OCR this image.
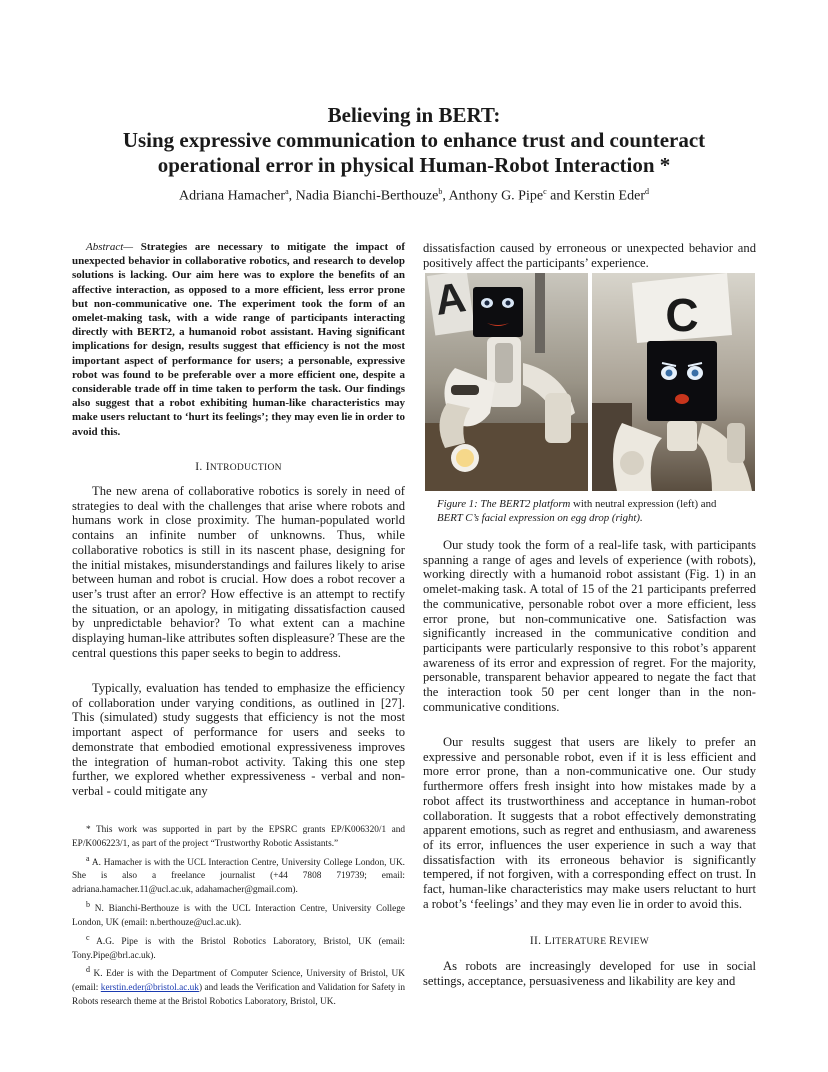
Believing in BERT:
Using expressive communication to enhance trust and counteract
operational error in physical Human-Robot Interaction *
Adriana Hamacher$^a$, Nadia Bianchi-Berthouze$^b$, Anthony G. Pipe$^c$ and Kerstin Eder$^d$

Abstract— Strategies are necessary to mitigate the impact of unexpected behavior in collaborative robotics, and research to develop solutions is lacking. Our aim here was to explore the benefits of an affective interaction, as opposed to a more efficient, less error prone but non-communicative one. The experiment took the form of an omelet-making task, with a wide range of participants interacting directly with BERT2, a humanoid robot assistant. Having significant implications for design, results suggest that efficiency is not the most important aspect of performance for users; a personable, expressive robot was found to be preferable over a more efficient one, despite a considerable trade off in time taken to perform the task. Our findings also suggest that a robot exhibiting human-like characteristics may make users reluctant to ‘hurt its feelings’; they may even lie in order to avoid this.

I. INTRODUCTION

The new arena of collaborative robotics is sorely in need of strategies to deal with the challenges that arise where robots and humans work in close proximity. The human-populated world contains an infinite number of unknowns. Thus, while collaborative robotics is still in its nascent phase, designing for the initial mistakes, misunderstandings and failures likely to arise between human and robot is crucial. How does a robot recover a user’s trust after an error? How effective is an attempt to rectify the situation, or an apology, in mitigating dissatisfaction caused by unpredictable behavior? To what extent can a machine displaying human-like attributes soften displeasure? These are the central questions this paper seeks to begin to address.

Typically, evaluation has tended to emphasize the efficiency of collaboration under varying conditions, as outlined in [27]. This (simulated) study suggests that efficiency is not the most important aspect of performance for users and seeks to demonstrate that embodied emotional expressiveness improves the integration of human-robot activity. Taking this one step further, we explored whether expressiveness - verbal and non-verbal - could mitigate any

* This work was supported in part by the EPSRC grants EP/K006320/1 and EP/K006223/1, as part of the project “Trustworthy Robotic Assistants.”

$^a$ A. Hamacher is with the UCL Interaction Centre, University College London, UK. She is also a freelance journalist (+44 7808 719739; email: adriana.hamacher.11@ucl.ac.uk, adahamacher@gmail.com).

$^b$ N. Bianchi-Berthouze is with the UCL Interaction Centre, University College London, UK (email: n.berthouze@ucl.ac.uk).

$^c$ A.G. Pipe is with the Bristol Robotics Laboratory, Bristol, UK (email: Tony.Pipe@brl.ac.uk).

$^d$ K. Eder is with the Department of Computer Science, University of Bristol, UK (email: kerstin.eder@bristol.ac.uk) and leads the Verification and Validation for Safety in Robots research theme at the Bristol Robotics Laboratory, Bristol, UK.

dissatisfaction caused by erroneous or unexpected behavior and positively affect the participants’ experience.

A	C
Figure 1: The BERT2 platform with neutral expression (left) and
BERT C’s facial expression on egg drop (right).

Our study took the form of a real-life task, with participants spanning a range of ages and levels of experience (with robots), working directly with a humanoid robot assistant (Fig. 1) in an omelet-making task. A total of 15 of the 21 participants preferred the communicative, personable robot over a more efficient, less error prone, but non-communicative one. Satisfaction was significantly increased in the communicative condition and participants were particularly responsive to this robot’s apparent awareness of its error and expression of regret. For the majority, personable, transparent behavior appeared to negate the fact that the interaction took 50 per cent longer than in the non-communicative conditions.

Our results suggest that users are likely to prefer an expressive and personable robot, even if it is less efficient and more error prone, than a non-communicative one. Our study furthermore offers fresh insight into how mistakes made by a robot affect its trustworthiness and acceptance in human-robot collaboration. It suggests that a robot effectively demonstrating apparent emotions, such as regret and enthusiasm, and awareness of its error, influences the user experience in such a way that dissatisfaction with its erroneous behavior is significantly tempered, if not forgiven, with a corresponding effect on trust. In fact, human-like characteristics may make users reluctant to hurt a robot’s ‘feelings’ and they may even lie in order to avoid this.

II. LITERATURE REVIEW

As robots are increasingly developed for use in social settings, acceptance, persuasiveness and likability are key and
